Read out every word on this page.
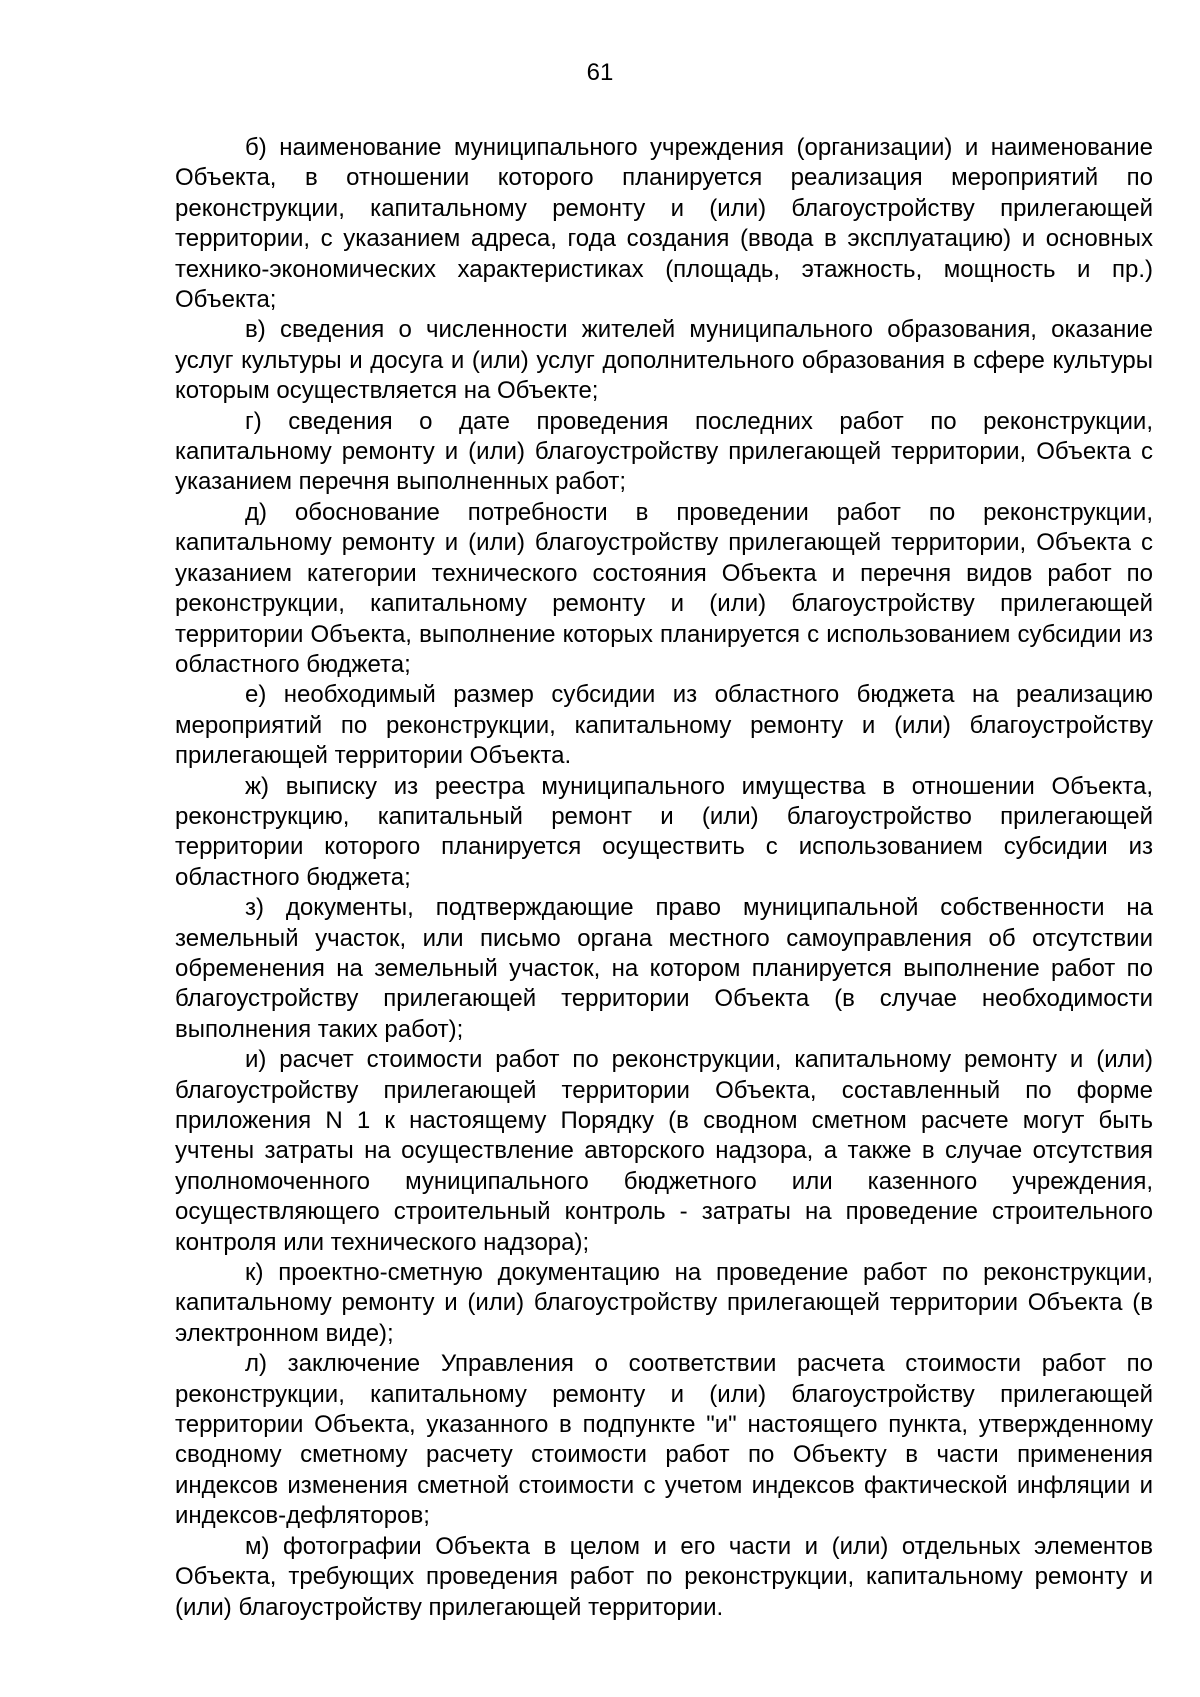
61

б) наименование муниципального учреждения (организации) и наименование Объекта, в отношении которого планируется реализация мероприятий по реконструкции, капитальному ремонту и (или) благоустройству прилегающей территории, с указанием адреса, года создания (ввода в эксплуатацию) и основных технико-экономических характеристиках (площадь, этажность, мощность и пр.) Объекта;

в) сведения о численности жителей муниципального образования, оказание услуг культуры и досуга и (или) услуг дополнительного образования в сфере культуры которым осуществляется на Объекте;

г) сведения о дате проведения последних работ по реконструкции, капитальному ремонту и (или) благоустройству прилегающей территории, Объекта с указанием перечня выполненных работ;

д) обоснование потребности в проведении работ по реконструкции, капитальному ремонту и (или) благоустройству прилегающей территории, Объекта с указанием категории технического состояния Объекта и перечня видов работ по реконструкции, капитальному ремонту и (или) благоустройству прилегающей территории Объекта, выполнение которых планируется с использованием субсидии из областного бюджета;

е) необходимый размер субсидии из областного бюджета на реализацию мероприятий по реконструкции, капитальному ремонту и (или) благоустройству прилегающей территории Объекта.

ж) выписку из реестра муниципального имущества в отношении Объекта, реконструкцию, капитальный ремонт и (или) благоустройство прилегающей территории которого планируется осуществить с использованием субсидии из областного бюджета;

з) документы, подтверждающие право муниципальной собственности на земельный участок, или письмо органа местного самоуправления об отсутствии обременения на земельный участок, на котором планируется выполнение работ по благоустройству прилегающей территории Объекта (в случае необходимости выполнения таких работ);

и) расчет стоимости работ по реконструкции, капитальному ремонту и (или) благоустройству прилегающей территории Объекта, составленный по форме приложения N 1 к настоящему Порядку (в сводном сметном расчете могут быть учтены затраты на осуществление авторского надзора, а также в случае отсутствия уполномоченного муниципального бюджетного или казенного учреждения, осуществляющего строительный контроль - затраты на проведение строительного контроля или технического надзора);

к) проектно-сметную документацию на проведение работ по реконструкции, капитальному ремонту и (или) благоустройству прилегающей территории Объекта (в электронном виде);

л) заключение Управления о соответствии расчета стоимости работ по реконструкции, капитальному ремонту и (или) благоустройству прилегающей территории Объекта, указанного в подпункте "и" настоящего пункта, утвержденному сводному сметному расчету стоимости работ по Объекту в части применения индексов изменения сметной стоимости с учетом индексов фактической инфляции и индексов-дефляторов;

м) фотографии Объекта в целом и его части и (или) отдельных элементов Объекта, требующих проведения работ по реконструкции, капитальному ремонту и (или) благоустройству прилегающей территории.
